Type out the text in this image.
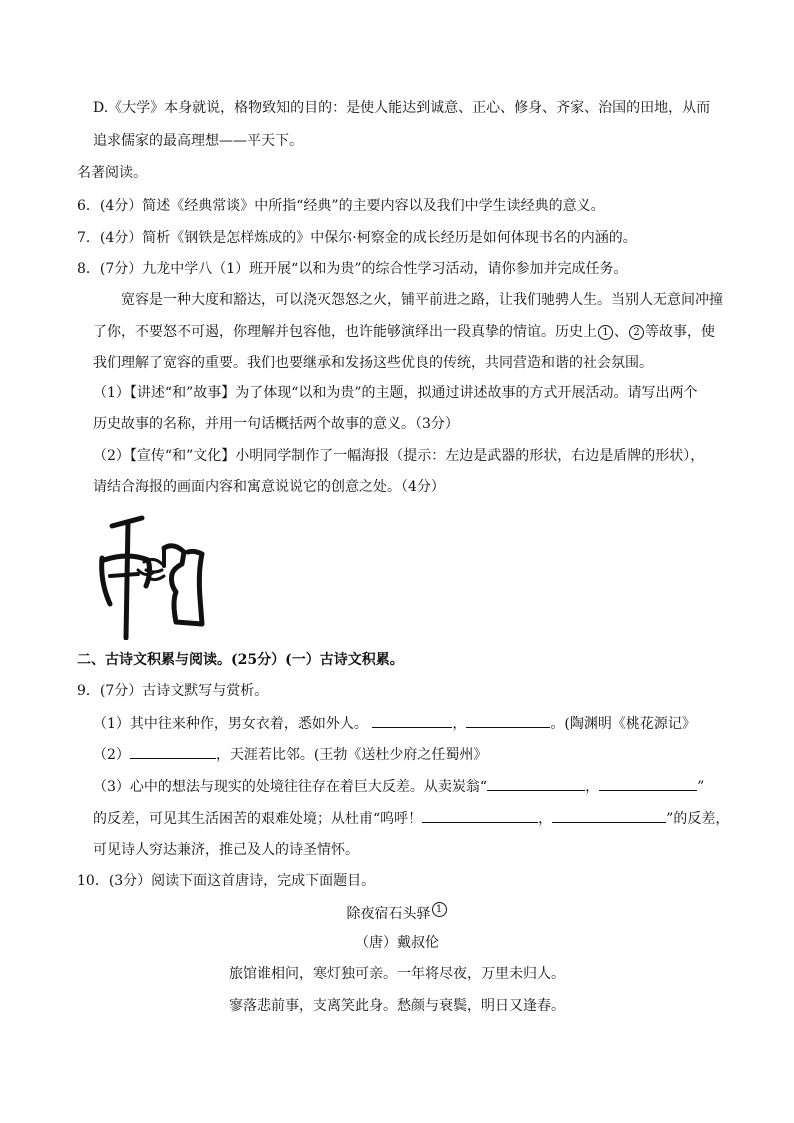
D.《大学》本身就说，格物致知的目的：是使人能达到诚意、正心、修身、齐家、治国的田地，从而
追求儒家的最高理想——平天下。
名著阅读。
6．(4分）简述《经典常谈》中所指“经典”的主要内容以及我们中学生读经典的意义。
7．(4分）简析《钢铁是怎样炼成的》中保尔·柯察金的成长经历是如何体现书名的内涵的。
8．(7分）九龙中学八（1）班开展“以和为贵”的综合性学习活动，请你参加并完成任务。
宽容是一种大度和豁达，可以浇灭怨怒之火，铺平前进之路，让我们驰骋人生。当别人无意间冲撞
了你，不要怒不可遏，你理解并包容他，也许能够演绎出一段真挚的情谊。历史上 1 、 2 等故事，使
我们理解了宽容的重要。我们也要继承和发扬这些优良的传统，共同营造和谐的社会氛围。
（1）【讲述“和”故事】为了体现“以和为贵”的主题，拟通过讲述故事的方式开展活动。请写出两个
历史故事的名称，并用一句话概括两个故事的意义。（3分）
（2）【宣传“和”文化】小明同学制作了一幅海报（提示：左边是武器的形状，右边是盾牌的形状），
请结合海报的画面内容和寓意说说它的创意之处。（4分）
二、古诗文积累与阅读。(25分）(一）古诗文积累。
9．(7分）古诗文默写与赏析。
（1）其中往来种作，男女衣着，悉如外人。	，	。(陶渊明《桃花源记》
（2）	，天涯若比邻。(王勃《送杜少府之任蜀州》
（3）心中的想法与现实的处境往往存在着巨大反差。从卖炭翁“	，	”
的反差，可见其生活困苦的艰难处境；从杜甫“呜呼！	，	”的反差，
可见诗人穷达兼济，推己及人的诗圣情怀。
10．(3分）阅读下面这首唐诗，完成下面题目。
除夜宿石头驿 1
（唐）戴叔伦
旅馆谁相问，寒灯独可亲。一年将尽夜，万里未归人。
寥落悲前事，支离笑此身。愁颜与衰鬓，明日又逢春。
